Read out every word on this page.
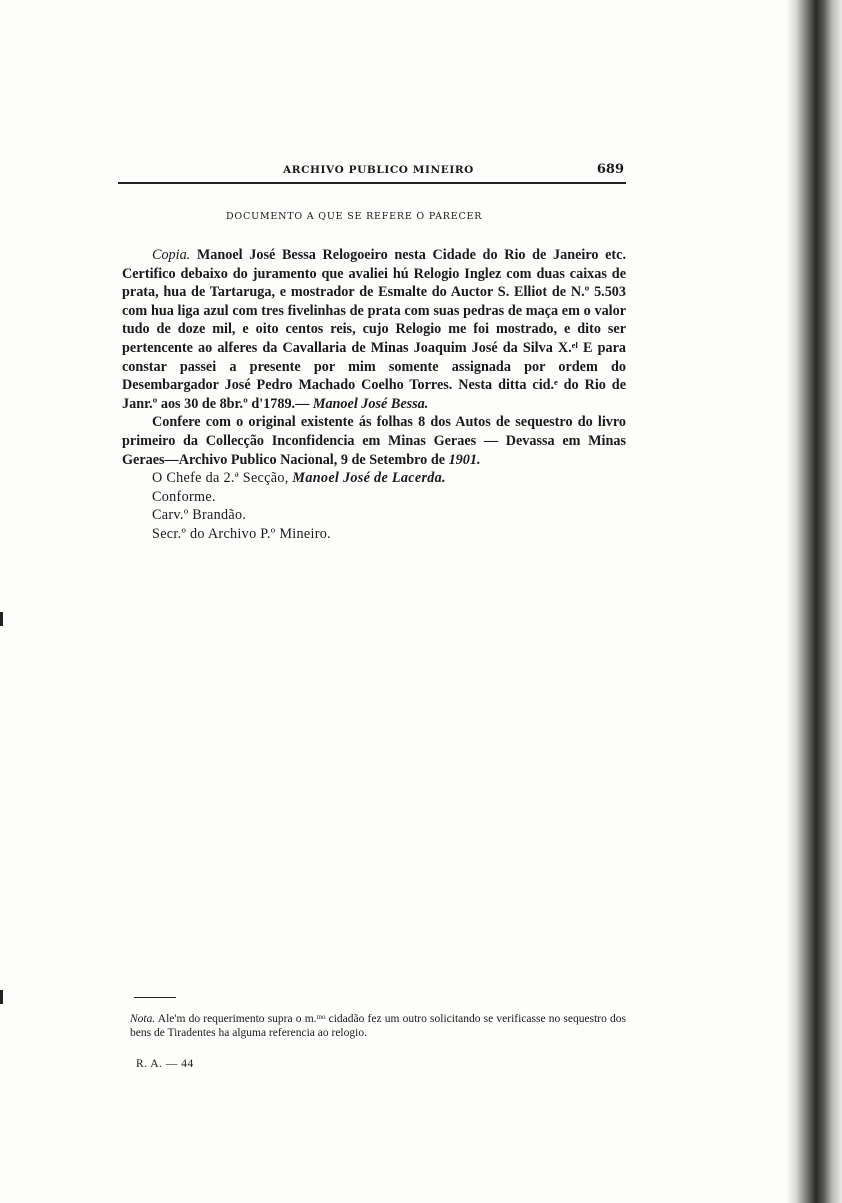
ARCHIVO PUBLICO MINEIRO	689
DOCUMENTO A QUE SE REFERE O PARECER

Copia. Manoel José Bessa Relogoeiro nesta Cidade do Rio de Janeiro etc. Certifico debaixo do juramento que avaliei hú Relogio Inglez com duas caixas de prata, hua de Tartaruga, e mostrador de Esmalte do Auctor S. Elliot de N.º 5.503 com hua liga azul com tres fivelinhas de prata com suas pedras de maça em o valor tudo de doze mil, e oito centos reis, cujo Relogio me foi mostrado, e dito ser pertencente ao alferes da Cavallaria de Minas Joaquim José da Silva X.ᵉˡ E para constar passei a presente por mim somente assignada por ordem do Desembargador José Pedro Machado Coelho Torres. Nesta ditta cid.ᵉ do Rio de Janr.º aos 30 de 8br.º d'1789.— Manoel José Bessa.

Confere com o original existente ás folhas 8 dos Autos de sequestro do livro primeiro da Collecção Inconfidencia em Minas Geraes — Devassa em Minas Geraes—Archivo Publico Nacional, 9 de Setembro de 1901.

O Chefe da 2.ª Secção, Manoel José de Lacerda.

Conforme.

Carv.º Brandão.

Secr.º do Archivo P.º Mineiro.

Nota. Ale'm do requerimento supra o m.ᵐᵒ cidadão fez um outro solicitando se verificasse no sequestro dos bens de Tiradentes ha alguma referencia ao relogio.

R. A. — 44
